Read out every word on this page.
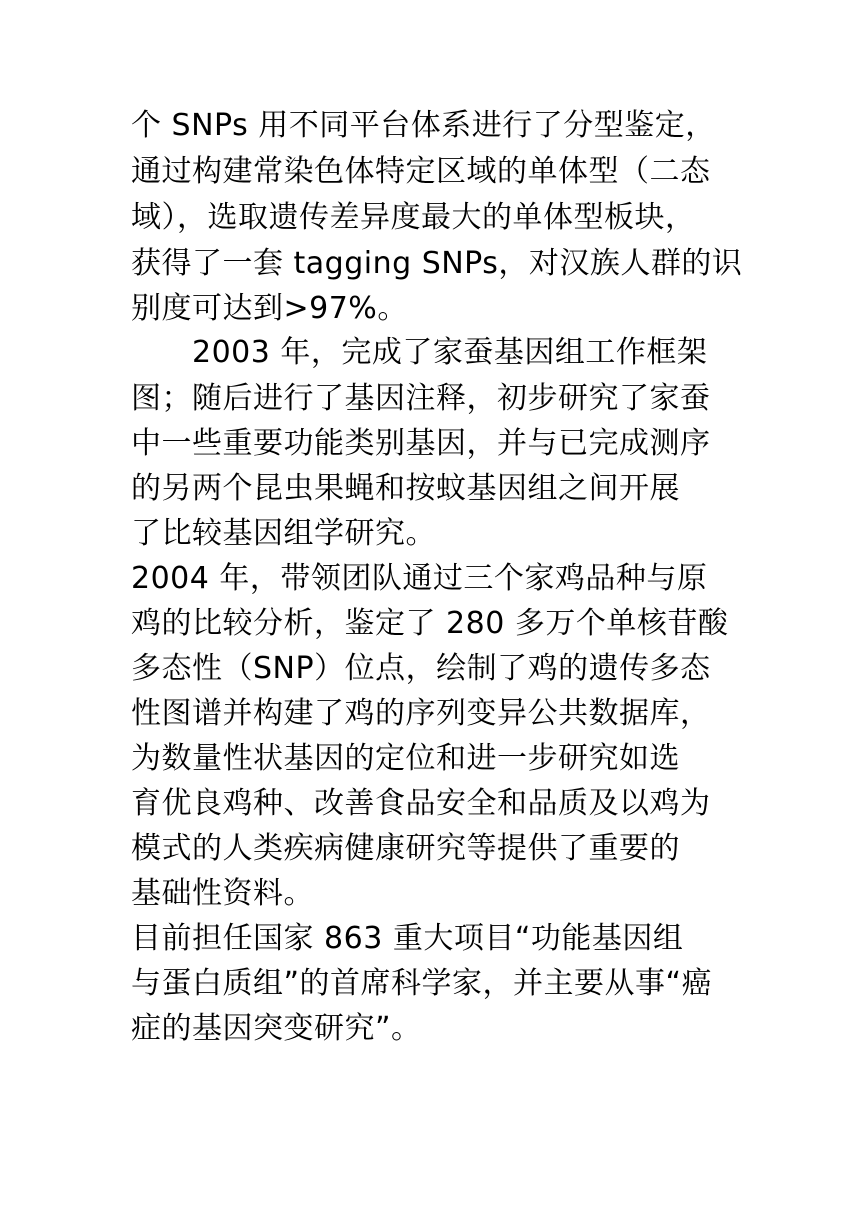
个 SNPs 用不同平台体系进行了分型鉴定，
通过构建常染色体特定区域的单体型（二态
域），选取遗传差异度最大的单体型板块，
获得了一套 tagging SNPs，对汉族人群的识
别度可达到>97%。
　　2003 年，完成了家蚕基因组工作框架
图；随后进行了基因注释，初步研究了家蚕
中一些重要功能类别基因，并与已完成测序
的另两个昆虫果蝇和按蚊基因组之间开展
了比较基因组学研究。
2004 年，带领团队通过三个家鸡品种与原
鸡的比较分析，鉴定了 280 多万个单核苷酸
多态性（SNP）位点，绘制了鸡的遗传多态
性图谱并构建了鸡的序列变异公共数据库，
为数量性状基因的定位和进一步研究如选
育优良鸡种、改善食品安全和品质及以鸡为
模式的人类疾病健康研究等提供了重要的
基础性资料。
目前担任国家 863 重大项目“功能基因组
与蛋白质组”的首席科学家，并主要从事“癌
症的基因突变研究”。
